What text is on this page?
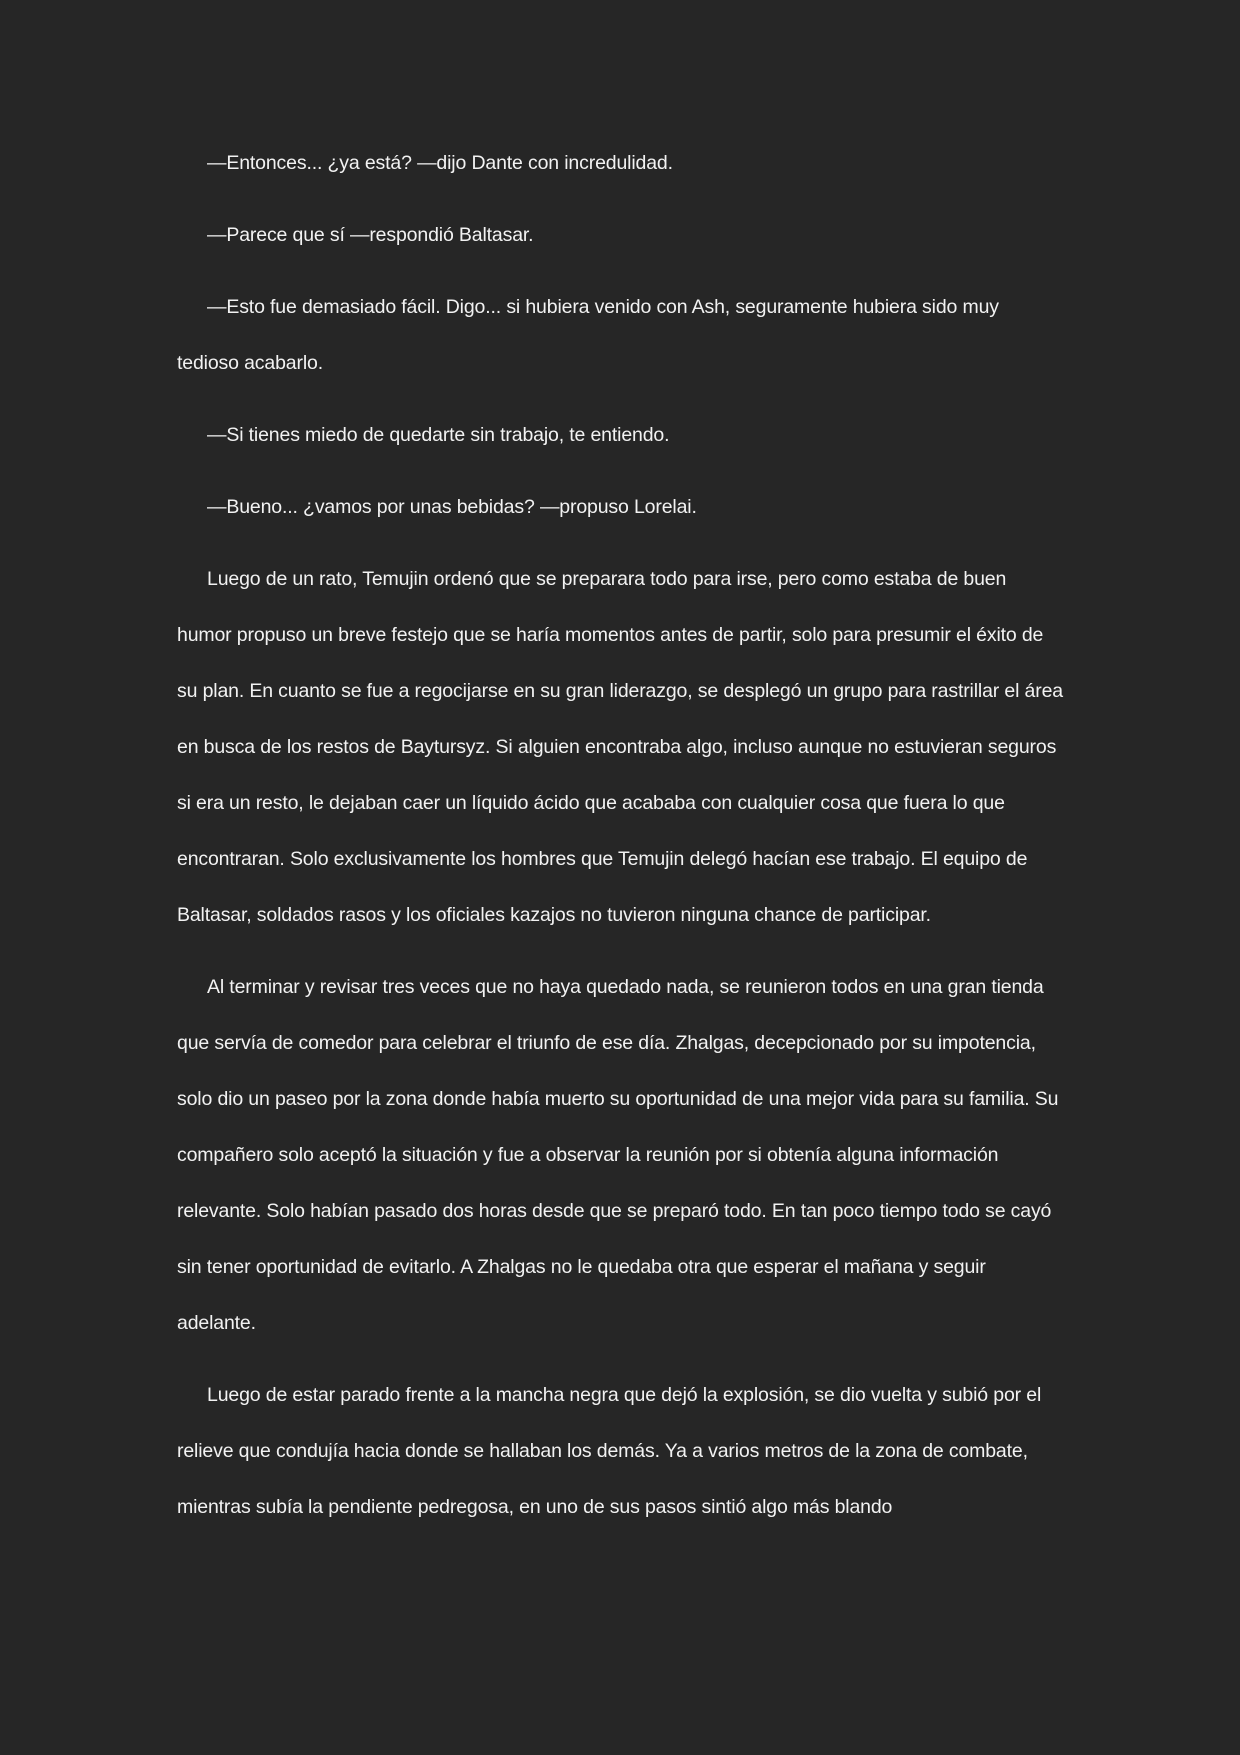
—Entonces... ¿ya está? —dijo Dante con incredulidad.

—Parece que sí —respondió Baltasar.

—Esto fue demasiado fácil. Digo... si hubiera venido con Ash, seguramente hubiera sido muy tedioso acabarlo.

—Si tienes miedo de quedarte sin trabajo, te entiendo.

—Bueno... ¿vamos por unas bebidas? —propuso Lorelai.

Luego de un rato, Temujin ordenó que se preparara todo para irse, pero como estaba de buen humor propuso un breve festejo que se haría momentos antes de partir, solo para presumir el éxito de su plan. En cuanto se fue a regocijarse en su gran liderazgo, se desplegó un grupo para rastrillar el área en busca de los restos de Baytursyz. Si alguien encontraba algo, incluso aunque no estuvieran seguros si era un resto, le dejaban caer un líquido ácido que acababa con cualquier cosa que fuera lo que encontraran. Solo exclusivamente los hombres que Temujin delegó hacían ese trabajo. El equipo de Baltasar, soldados rasos y los oficiales kazajos no tuvieron ninguna chance de participar.

Al terminar y revisar tres veces que no haya quedado nada, se reunieron todos en una gran tienda que servía de comedor para celebrar el triunfo de ese día. Zhalgas, decepcionado por su impotencia, solo dio un paseo por la zona donde había muerto su oportunidad de una mejor vida para su familia. Su compañero solo aceptó la situación y fue a observar la reunión por si obtenía alguna información relevante. Solo habían pasado dos horas desde que se preparó todo. En tan poco tiempo todo se cayó sin tener oportunidad de evitarlo. A Zhalgas no le quedaba otra que esperar el mañana y seguir adelante.

Luego de estar parado frente a la mancha negra que dejó la explosión, se dio vuelta y subió por el relieve que condujía hacia donde se hallaban los demás. Ya a varios metros de la zona de combate, mientras subía la pendiente pedregosa, en uno de sus pasos sintió algo más blando
